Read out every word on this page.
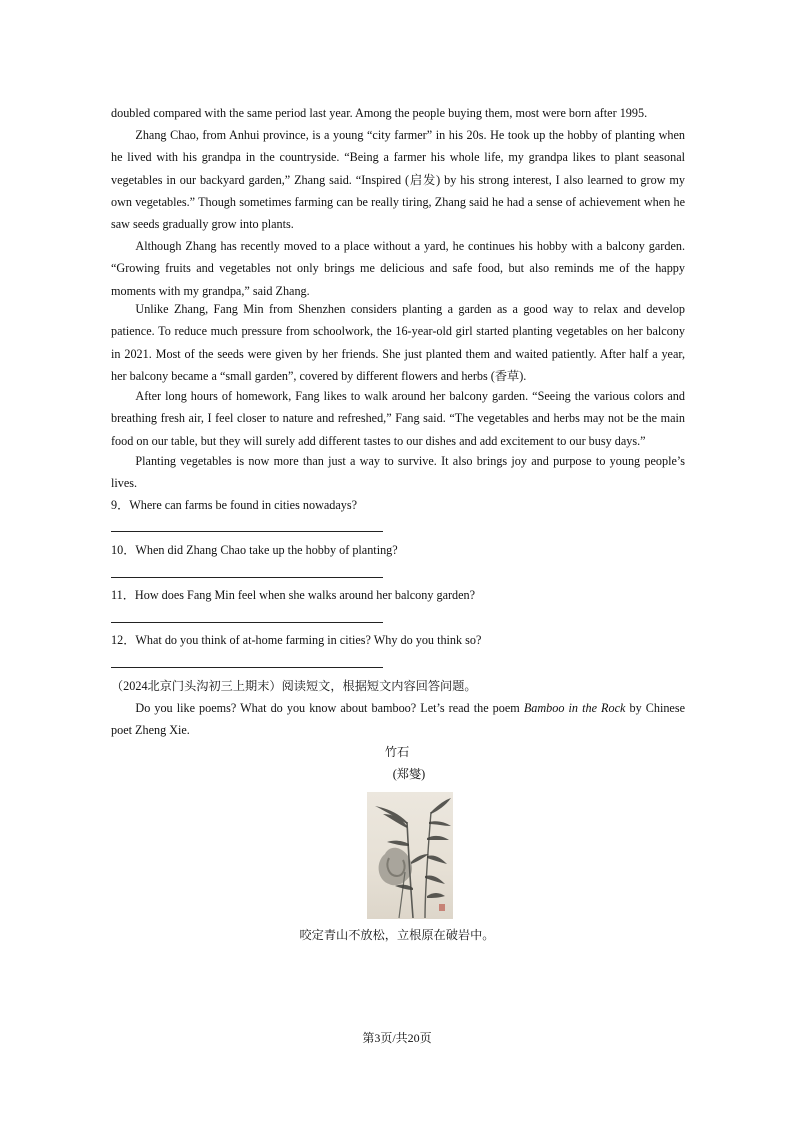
doubled compared with the same period last year. Among the people buying them, most were born after 1995.

Zhang Chao, from Anhui province, is a young “city farmer” in his 20s. He took up the hobby of planting when he lived with his grandpa in the countryside. “Being a farmer his whole life, my grandpa likes to plant seasonal vegetables in our backyard garden,” Zhang said. “Inspired (启发) by his strong interest, I also learned to grow my own vegetables.” Though sometimes farming can be really tiring, Zhang said he had a sense of achievement when he saw seeds gradually grow into plants.

Although Zhang has recently moved to a place without a yard, he continues his hobby with a balcony garden. “Growing fruits and vegetables not only brings me delicious and safe food, but also reminds me of the happy moments with my grandpa,” said Zhang.

Unlike Zhang, Fang Min from Shenzhen considers planting a garden as a good way to relax and develop patience. To reduce much pressure from schoolwork, the 16-year-old girl started planting vegetables on her balcony in 2021. Most of the seeds were given by her friends. She just planted them and waited patiently. After half a year, her balcony became a “small garden”, covered by different flowers and herbs (香草).

After long hours of homework, Fang likes to walk around her balcony garden. “Seeing the various colors and breathing fresh air, I feel closer to nature and refreshed,” Fang said. “The vegetables and herbs may not be the main food on our table, but they will surely add different tastes to our dishes and add excitement to our busy days.”

Planting vegetables is now more than just a way to survive. It also brings joy and purpose to young people’s lives.

9．Where can farms be found in cities nowadays?

10．When did Zhang Chao take up the hobby of planting?

11．How does Fang Min feel when she walks around her balcony garden?

12．What do you think of at-home farming in cities? Why do you think so?

（2024北京门头沟初三上期末）阅读短文，根据短文内容回答问题。

Do you like poems? What do you know about bamboo? Let’s read the poem Bamboo in the Rock by Chinese poet Zheng Xie.

竹石

(郑燮)

咬定青山不放松，立根原在破岩中。

第3页/共20页
